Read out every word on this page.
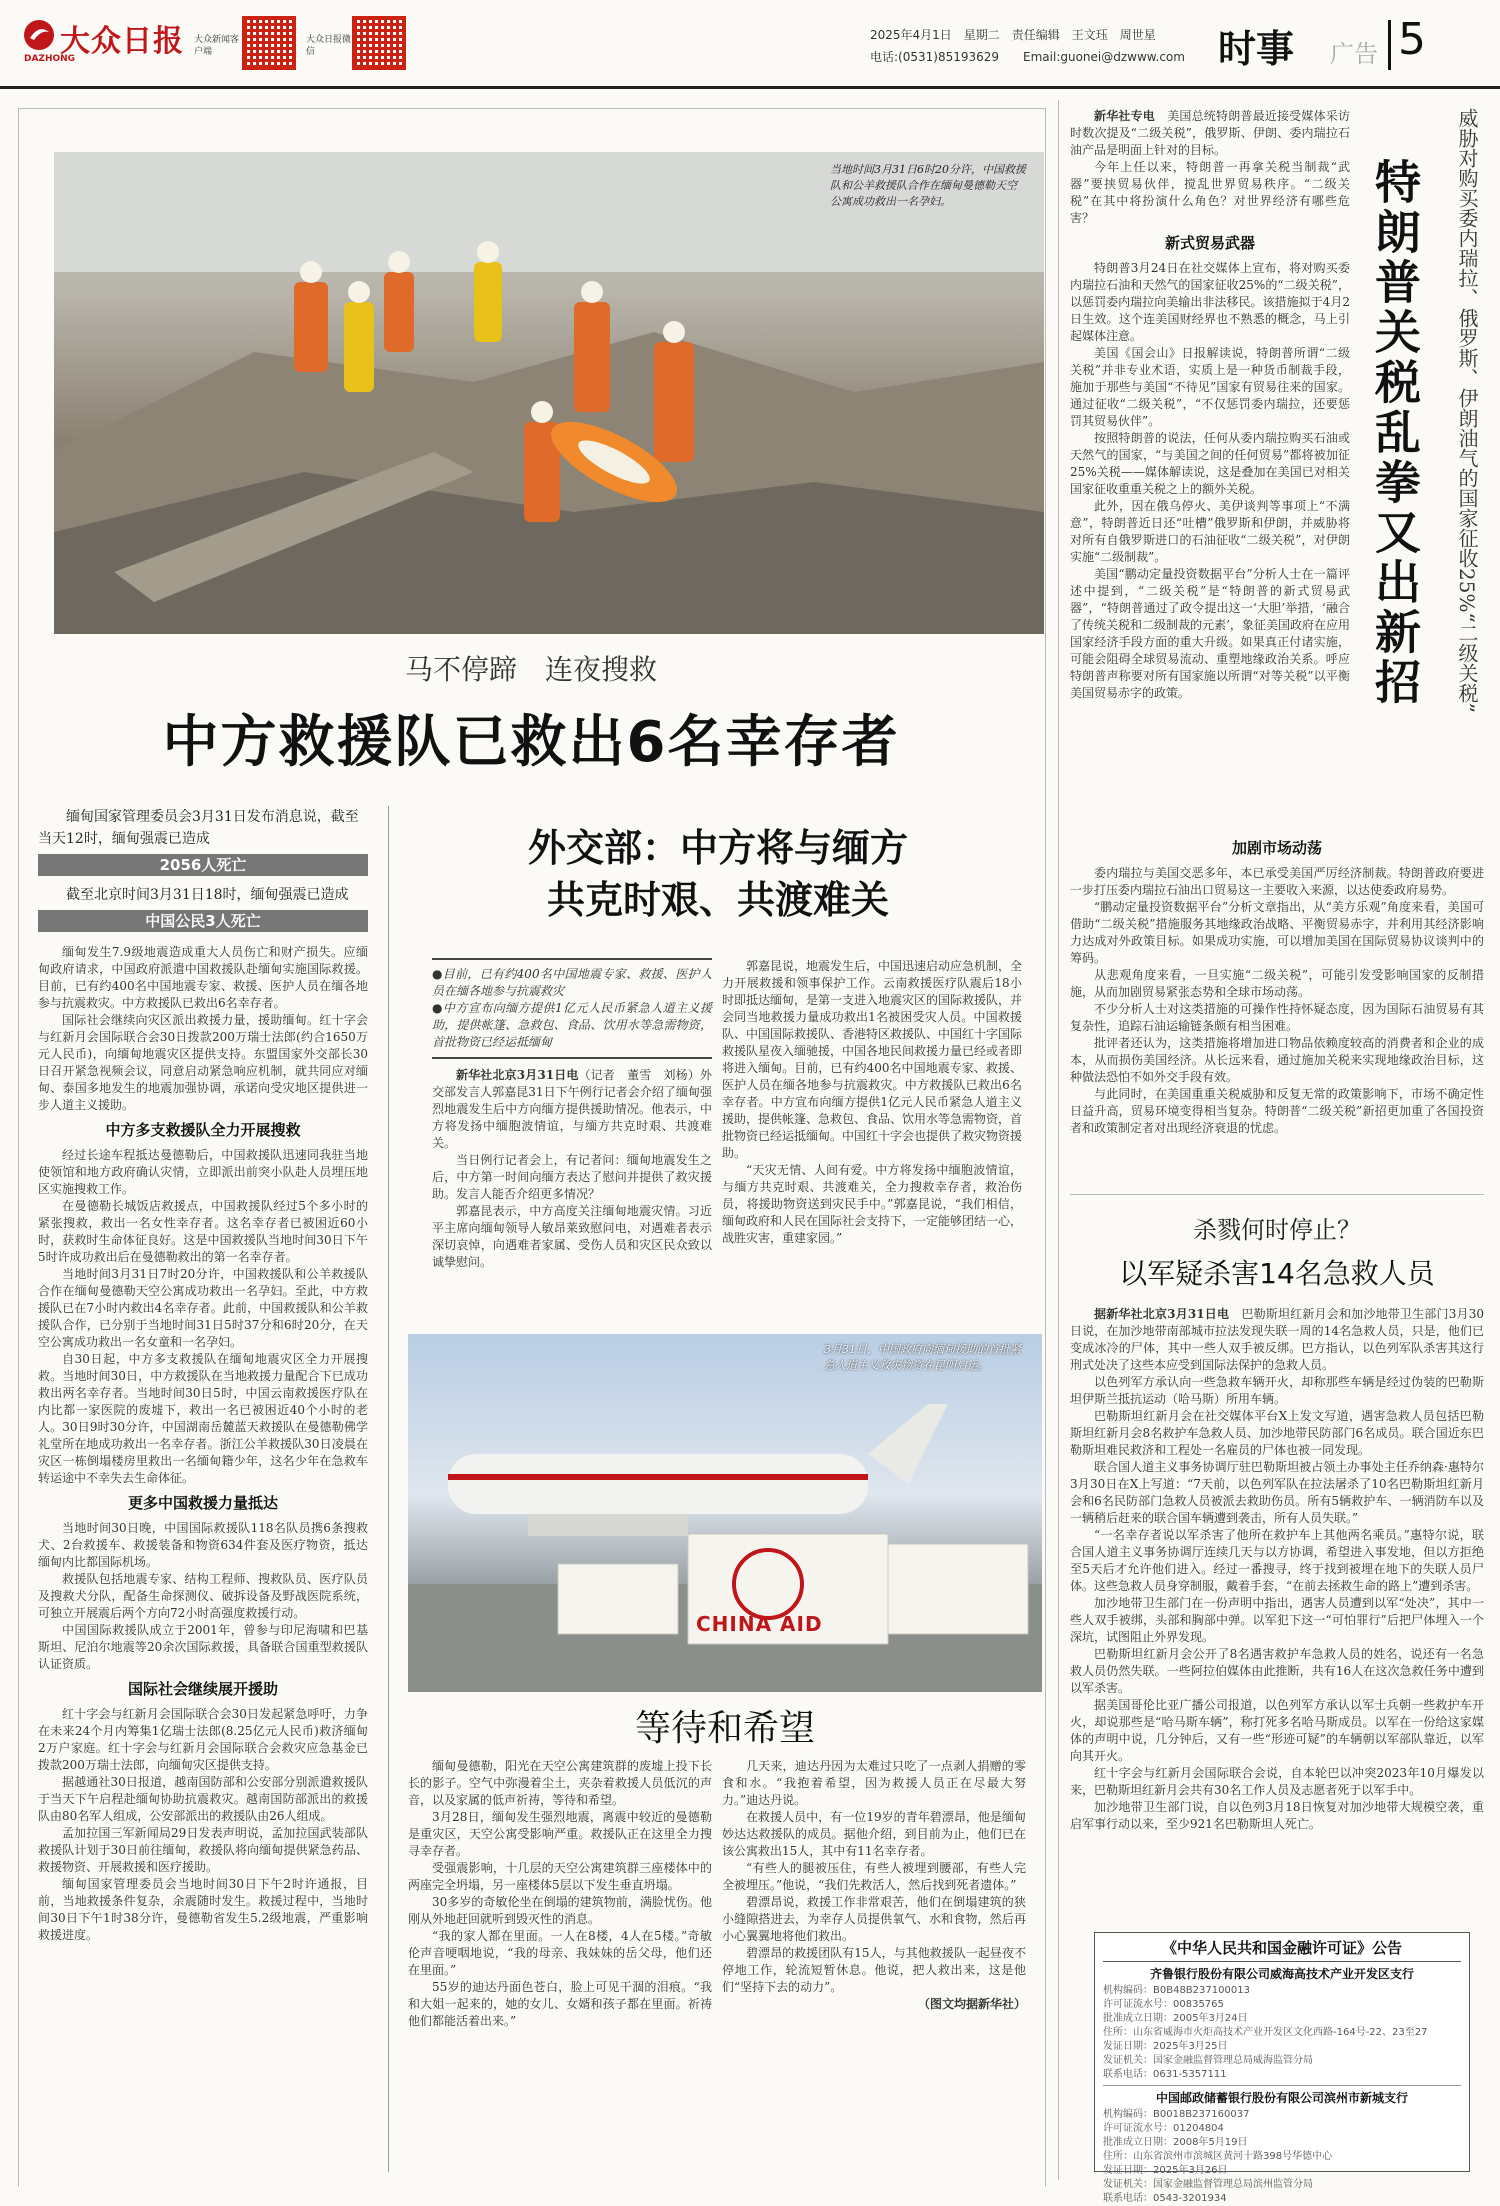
大众日报
DAZHONG
大众新闻客户端
大众日报微信
2025年4月1日　星期二　责任编辑　王文珏　周世星
电话:(0531)85193629　　Email:guonei@dzwww.com 时事 广告 5
当地时间3月31日6时20分许，中国救援队和公羊救援队合作在缅甸曼德勒天空公寓成功救出一名孕妇。
马不停蹄　连夜搜救
中方救援队已救出6名幸存者
缅甸国家管理委员会3月31日发布消息说，截至当天12时，缅甸强震已造成
2056人死亡
截至北京时间3月31日18时，缅甸强震已造成
中国公民3人死亡

缅甸发生7.9级地震造成重大人员伤亡和财产损失。应缅甸政府请求，中国政府派遣中国救援队赴缅甸实施国际救援。目前，已有约400名中国地震专家、救援、医护人员在缅各地参与抗震救灾。中方救援队已救出6名幸存者。

国际社会继续向灾区派出救援力量，援助缅甸。红十字会与红新月会国际联合会30日拨款200万瑞士法郎(约合1650万元人民币)，向缅甸地震灾区提供支持。东盟国家外交部长30日召开紧急视频会议，同意启动紧急响应机制，就共同应对缅甸、泰国多地发生的地震加强协调，承诺向受灾地区提供进一步人道主义援助。

中方多支救援队全力开展搜救

经过长途车程抵达曼德勒后，中国救援队迅速同我驻当地使领馆和地方政府确认灾情，立即派出前突小队赴人员埋压地区实施搜救工作。

在曼德勒长城饭店救援点，中国救援队经过5个多小时的紧张搜救，救出一名女性幸存者。这名幸存者已被困近60小时，获救时生命体征良好。这是中国救援队当地时间30日下午5时许成功救出后在曼德勒救出的第一名幸存者。

当地时间3月31日7时20分许，中国救援队和公羊救援队合作在缅甸曼德勒天空公寓成功救出一名孕妇。至此，中方救援队已在7小时内救出4名幸存者。此前，中国救援队和公羊救援队合作，已分别于当地时间31日5时37分和6时20分，在天空公寓成功救出一名女童和一名孕妇。

自30日起，中方多支救援队在缅甸地震灾区全力开展搜救。当地时间30日，中方救援队在当地救援力量配合下已成功救出两名幸存者。当地时间30日5时，中国云南救援医疗队在内比都一家医院的废墟下，救出一名已被困近40个小时的老人。30日9时30分许，中国湖南岳麓蓝天救援队在曼德勒佛学礼堂所在地成功救出一名幸存者。浙江公羊救援队30日凌晨在灾区一栋倒塌楼房里救出一名缅甸籍少年，这名少年在急救车转运途中不幸失去生命体征。

更多中国救援力量抵达

当地时间30日晚，中国国际救援队118名队员携6条搜救犬、2台救援车、救援装备和物资634件套及医疗物资，抵达缅甸内比都国际机场。

救援队包括地震专家、结构工程师、搜救队员、医疗队员及搜救犬分队，配备生命探测仪、破拆设备及野战医院系统，可独立开展震后两个方向72小时高强度救援行动。

中国国际救援队成立于2001年，曾参与印尼海啸和巴基斯坦、尼泊尔地震等20余次国际救援，具备联合国重型救援队认证资质。

国际社会继续展开援助

红十字会与红新月会国际联合会30日发起紧急呼吁，力争在未来24个月内筹集1亿瑞士法郎(8.25亿元人民币)救济缅甸2万户家庭。红十字会与红新月会国际联合会救灾应急基金已拨款200万瑞士法郎，向缅甸灾区提供支持。

据越通社30日报道，越南国防部和公安部分别派遣救援队于当天下午启程赴缅甸协助抗震救灾。越南国防部派出的救援队由80名军人组成，公安部派出的救援队由26人组成。

孟加拉国三军新闻局29日发表声明说，孟加拉国武装部队救援队计划于30日前往缅甸，救援队将向缅甸提供紧急药品、救援物资、开展救援和医疗援助。

缅甸国家管理委员会当地时间30日下午2时许通报，目前，当地救援条件复杂，余震随时发生。救援过程中，当地时间30日下午1时38分许，曼德勒省发生5.2级地震，严重影响救援进度。

外交部：中方将与缅方
共克时艰、共渡难关
●目前，已有约400名中国地震专家、救援、医护人员在缅各地参与抗震救灾
●中方宣布向缅方提供1亿元人民币紧急人道主义援助，提供帐篷、急救包、食品、饮用水等急需物资，首批物资已经运抵缅甸

新华社北京3月31日电（记者　董雪　刘杨）外交部发言人郭嘉昆31日下午例行记者会介绍了缅甸强烈地震发生后中方向缅方提供援助情况。他表示，中方将发扬中缅胞波情谊，与缅方共克时艰、共渡难关。

当日例行记者会上，有记者问：缅甸地震发生之后，中方第一时间向缅方表达了慰问并提供了救灾援助。发言人能否介绍更多情况？

郭嘉昆表示，中方高度关注缅甸地震灾情。习近平主席向缅甸领导人敏昂莱致慰问电，对遇难者表示深切哀悼，向遇难者家属、受伤人员和灾区民众致以诚挚慰问。

郭嘉昆说，地震发生后，中国迅速启动应急机制，全力开展救援和领事保护工作。云南救援医疗队震后18小时即抵达缅甸，是第一支进入地震灾区的国际救援队，并会同当地救援力量成功救出1名被困受灾人员。中国救援队、中国国际救援队、香港特区救援队、中国红十字国际救援队星夜入缅驰援，中国各地民间救援力量已经或者即将进入缅甸。目前，已有约400名中国地震专家、救援、医护人员在缅各地参与抗震救灾。中方救援队已救出6名幸存者。中方宣布向缅方提供1亿元人民币紧急人道主义援助，提供帐篷、急救包、食品、饮用水等急需物资，首批物资已经运抵缅甸。中国红十字会也提供了救灾物资援助。

“天灾无情、人间有爱。中方将发扬中缅胞波情谊，与缅方共克时艰、共渡难关，全力搜救幸存者，救治伤员，将援助物资送到灾民手中。”郭嘉昆说，“我们相信，缅甸政府和人民在国际社会支持下，一定能够团结一心，战胜灾害，重建家园。”

3月31日，中国政府向缅甸援助的首批紧急人道主义救灾物资在昆明启运。
CHINA AID
等待和希望

缅甸曼德勒，阳光在天空公寓建筑群的废墟上投下长长的影子。空气中弥漫着尘土，夹杂着救援人员低沉的声音，以及家属的低声祈祷，等待和希望。

3月28日，缅甸发生强烈地震，离震中较近的曼德勒是重灾区，天空公寓受影响严重。救援队正在这里全力搜寻幸存者。

受强震影响，十几层的天空公寓建筑群三座楼体中的两座完全坍塌，另一座楼体5层以下发生垂直坍塌。

30多岁的奇敏伦坐在倒塌的建筑物前，满脸忧伤。他刚从外地赶回就听到毁灭性的消息。

“我的家人都在里面。一人在8楼，4人在5楼。”奇敏伦声音哽咽地说，“我的母亲、我妹妹的岳父母，他们还在里面。”

55岁的迪达丹面色苍白，脸上可见干涸的泪痕。“我和大姐一起来的，她的女儿、女婿和孩子都在里面。祈祷他们都能活着出来。”

几天来，迪达丹因为太难过只吃了一点剥人捐赠的零食和水。“我抱着希望，因为救援人员正在尽最大努力。”迪达丹说。

在救援人员中，有一位19岁的青年碧漂昂，他是缅甸妙达达救援队的成员。据他介绍，到目前为止，他们已在该公寓救出15人，其中有11名幸存者。

“有些人的腿被压住，有些人被埋到腰部，有些人完全被埋压。”他说，“我们先救活人，然后找到死者遗体。”

碧漂昂说，救援工作非常艰苦，他们在倒塌建筑的狭小缝隙搭进去，为幸存人员提供氧气、水和食物，然后再小心翼翼地将他们救出。

碧漂昂的救援团队有15人，与其他救援队一起昼夜不停地工作，轮流短暂休息。他说，把人救出来，这是他们“坚持下去的动力”。

（图文均据新华社）

新华社专电　 美国总统特朗普最近接受媒体采访时数次提及“二级关税”，俄罗斯、伊朗、委内瑞拉石油产品是明面上针对的目标。

今年上任以来，特朗普一再拿关税当制裁“武器”要挟贸易伙伴，搅乱世界贸易秩序。“二级关税”在其中将扮演什么角色？对世界经济有哪些危害？

新式贸易武器

特朗普3月24日在社交媒体上宣布，将对购买委内瑞拉石油和天然气的国家征收25%的“二级关税”，以惩罚委内瑞拉向美输出非法移民。该措施拟于4月2日生效。这个连美国财经界也不熟悉的概念，马上引起媒体注意。

美国《国会山》日报解读说，特朗普所谓“二级关税”并非专业术语，实质上是一种货币制裁手段，施加于那些与美国“不待见”国家有贸易往来的国家。通过征收“二级关税”，“不仅惩罚委内瑞拉，还要惩罚其贸易伙伴”。

按照特朗普的说法，任何从委内瑞拉购买石油或天然气的国家，“与美国之间的任何贸易”都将被加征25%关税——媒体解读说，这是叠加在美国已对相关国家征收重重关税之上的额外关税。

此外，因在俄乌停火、美伊谈判等事项上“不满意”，特朗普近日还“吐槽”俄罗斯和伊朗，并威胁将对所有自俄罗斯进口的石油征收“二级关税”，对伊朗实施“二级制裁”。

美国“鹏动定量投资数据平台”分析人士在一篇评述中提到，“二级关税”是“特朗普的新式贸易武器”，“特朗普通过了政令提出这一‘大胆’举措，‘融合了传统关税和二级制裁的元素’，象征美国政府在应用国家经济手段方面的重大升级。如果真正付诸实施，可能会阻碍全球贸易流动、重塑地缘政治关系。呼应特朗普声称要对所有国家施以所谓“对等关税”以平衡美国贸易赤字的政策。	威胁对购买委内瑞拉、俄罗斯、伊朗油气的国家征收25%“二级关税”
特朗普关税乱拳又出新招
加剧市场动荡

委内瑞拉与美国交恶多年，本已承受美国严厉经济制裁。特朗普政府要进一步打压委内瑞拉石油出口贸易这一主要收入来源，以达使委政府易势。

“鹏动定量投资数据平台”分析文章指出，从“美方乐观”角度来看，美国可借助“二级关税”措施服务其地缘政治战略、平衡贸易赤字，并利用其经济影响力达成对外政策目标。如果成功实施，可以增加美国在国际贸易协议谈判中的筹码。

从悲观角度来看，一旦实施“二级关税”，可能引发受影响国家的反制措施，从而加剧贸易紧张态势和全球市场动荡。

不少分析人士对这类措施的可操作性持怀疑态度，因为国际石油贸易有其复杂性，追踪石油运输链条颇有相当困难。

批评者还认为，这类措施将增加进口物品依赖度较高的消费者和企业的成本，从而损伤美国经济。从长远来看，通过施加关税来实现地缘政治目标，这种做法恐怕不如外交手段有效。

与此同时，在美国重重关税威胁和反复无常的政策影响下，市场不确定性日益升高，贸易环境变得相当复杂。特朗普“二级关税”新招更加重了各国投资者和政策制定者对出现经济衰退的忧虑。

杀戮何时停止？
以军疑杀害14名急救人员

据新华社北京3月31日电　 巴勒斯坦红新月会和加沙地带卫生部门3月30日说，在加沙地带南部城市拉法发现失联一周的14名急救人员，只是，他们已变成冰冷的尸体，其中一些人双手被反绑。巴方指认，以色列军队杀害其这行刑式处决了这些本应受到国际法保护的急救人员。

以色列军方承认向一些急救车辆开火，却称那些车辆是经过伪装的巴勒斯坦伊斯兰抵抗运动（哈马斯）所用车辆。

巴勒斯坦红新月会在社交媒体平台X上发文写道，遇害急救人员包括巴勒斯坦红新月会8名救护车急救人员、加沙地带民防部门6名成员。联合国近东巴勒斯坦难民救济和工程处一名雇员的尸体也被一同发现。

联合国人道主义事务协调厅驻巴勒斯坦被占领土办事处主任乔纳森·惠特尔3月30日在X上写道：“7天前，以色列军队在拉法屠杀了10名巴勒斯坦红新月会和6名民防部门急救人员被派去救助伤员。所有5辆救护车、一辆消防车以及一辆稍后赶来的联合国车辆遭到袭击，所有人员失联。”

“一名幸存者说以军杀害了他所在救护车上其他两名乘员。”惠特尔说，联合国人道主义事务协调厅连续几天与以方协调，希望进入事发地，但以方拒绝至5天后才允许他们进入。经过一番搜寻，终于找到被埋在地下的失联人员尸体。这些急救人员身穿制服，戴着手套，“在前去拯救生命的路上”遭到杀害。

加沙地带卫生部门在一份声明中指出，遇害人员遭到以军“处决”，其中一些人双手被绑，头部和胸部中弹。以军犯下这一“可怕罪行”后把尸体埋入一个深坑，试图阻止外界发现。

巴勒斯坦红新月会公开了8名遇害救护车急救人员的姓名，说还有一名急救人员仍然失联。一些阿拉伯媒体由此推断，共有16人在这次急救任务中遭到以军杀害。

据美国哥伦比亚广播公司报道，以色列军方承认以军士兵朝一些救护车开火，却说那些是“哈马斯车辆”，称打死多名哈马斯成员。以军在一份给这家媒体的声明中说，几分钟后，又有一些“形迹可疑”的车辆朝以军部队靠近，以军向其开火。

红十字会与红新月会国际联合会说，自本轮巴以冲突2023年10月爆发以来，巴勒斯坦红新月会共有30名工作人员及志愿者死于以军手中。

加沙地带卫生部门说，自以色列3月18日恢复对加沙地带大规模空袭，重启军事行动以来，至少921名巴勒斯坦人死亡。

《中华人民共和国金融许可证》公告
齐鲁银行股份有限公司威海高技术产业开发区支行
机构编码：B0B48B237100013
许可证流水号：00835765
批准成立日期：2005年3月24日
住所：山东省威海市火炬高技术产业开发区文化西路-164号-22、23至27
发证日期：2025年3月25日
发证机关：国家金融监督管理总局威海监管分局
联系电话：0631-5357111
中国邮政储蓄银行股份有限公司滨州市新城支行
机构编码：B0018B237160037
许可证流水号：01204804
批准成立日期：2008年5月19日
住所：山东省滨州市滨城区黄河十路398号华德中心
发证日期：2025年3月26日
发证机关：国家金融监督管理总局滨州监管分局
联系电话：0543-3201934
